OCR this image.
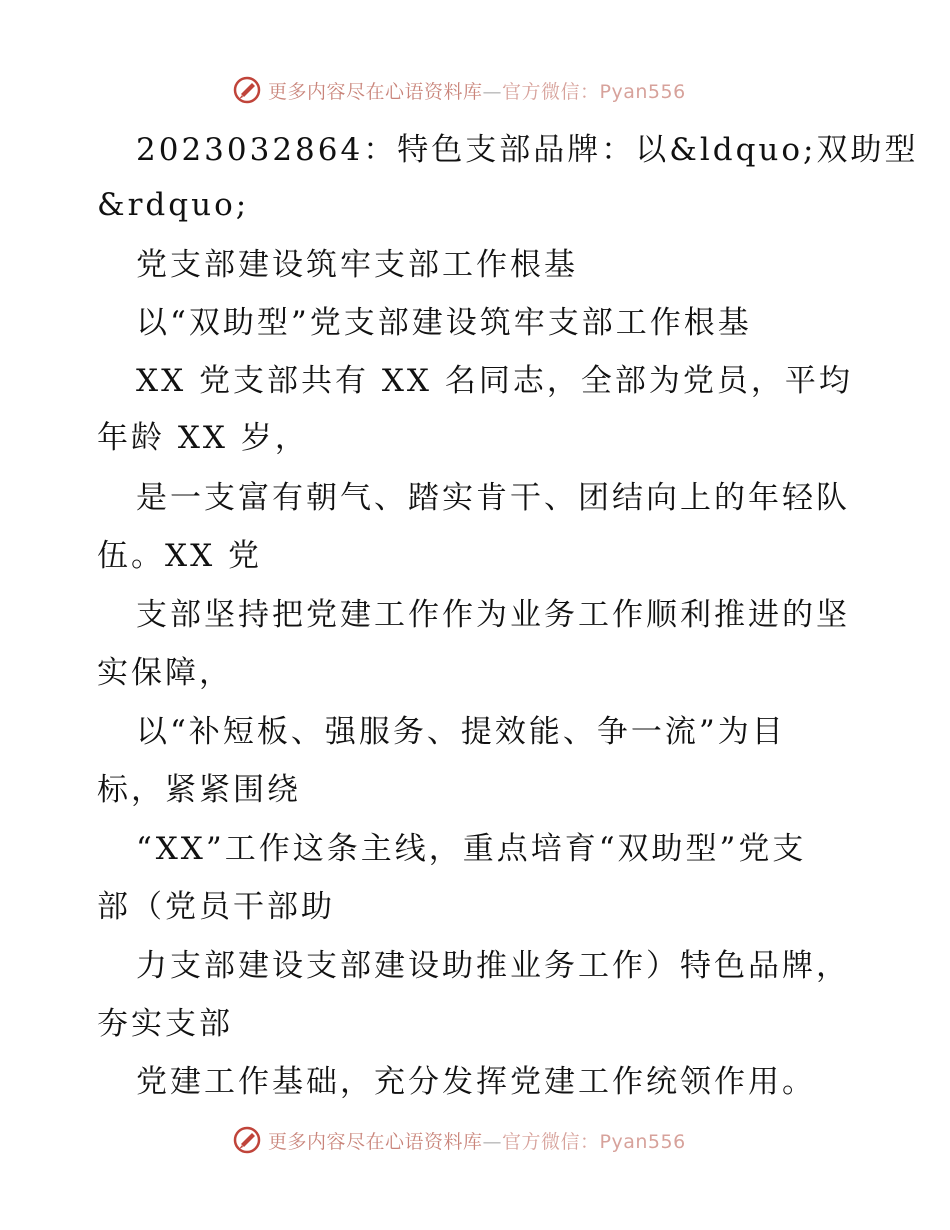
更多内容尽在心语资料库—官方微信：Pyan556
2023032864：特色支部品牌：以&ldquo;双助型
&rdquo;
党支部建设筑牢支部工作根基
以“双助型”党支部建设筑牢支部工作根基
XX 党支部共有 XX 名同志，全部为党员，平均
年龄 XX 岁，
是一支富有朝气、踏实肯干、团结向上的年轻队
伍。XX 党
支部坚持把党建工作作为业务工作顺利推进的坚
实保障，
以“补短板、强服务、提效能、争一流”为目
标，紧紧围绕
“XX”工作这条主线，重点培育“双助型”党支
部（党员干部助
力支部建设支部建设助推业务工作）特色品牌，
夯实支部
党建工作基础，充分发挥党建工作统领作用。
更多内容尽在心语资料库—官方微信：Pyan556
